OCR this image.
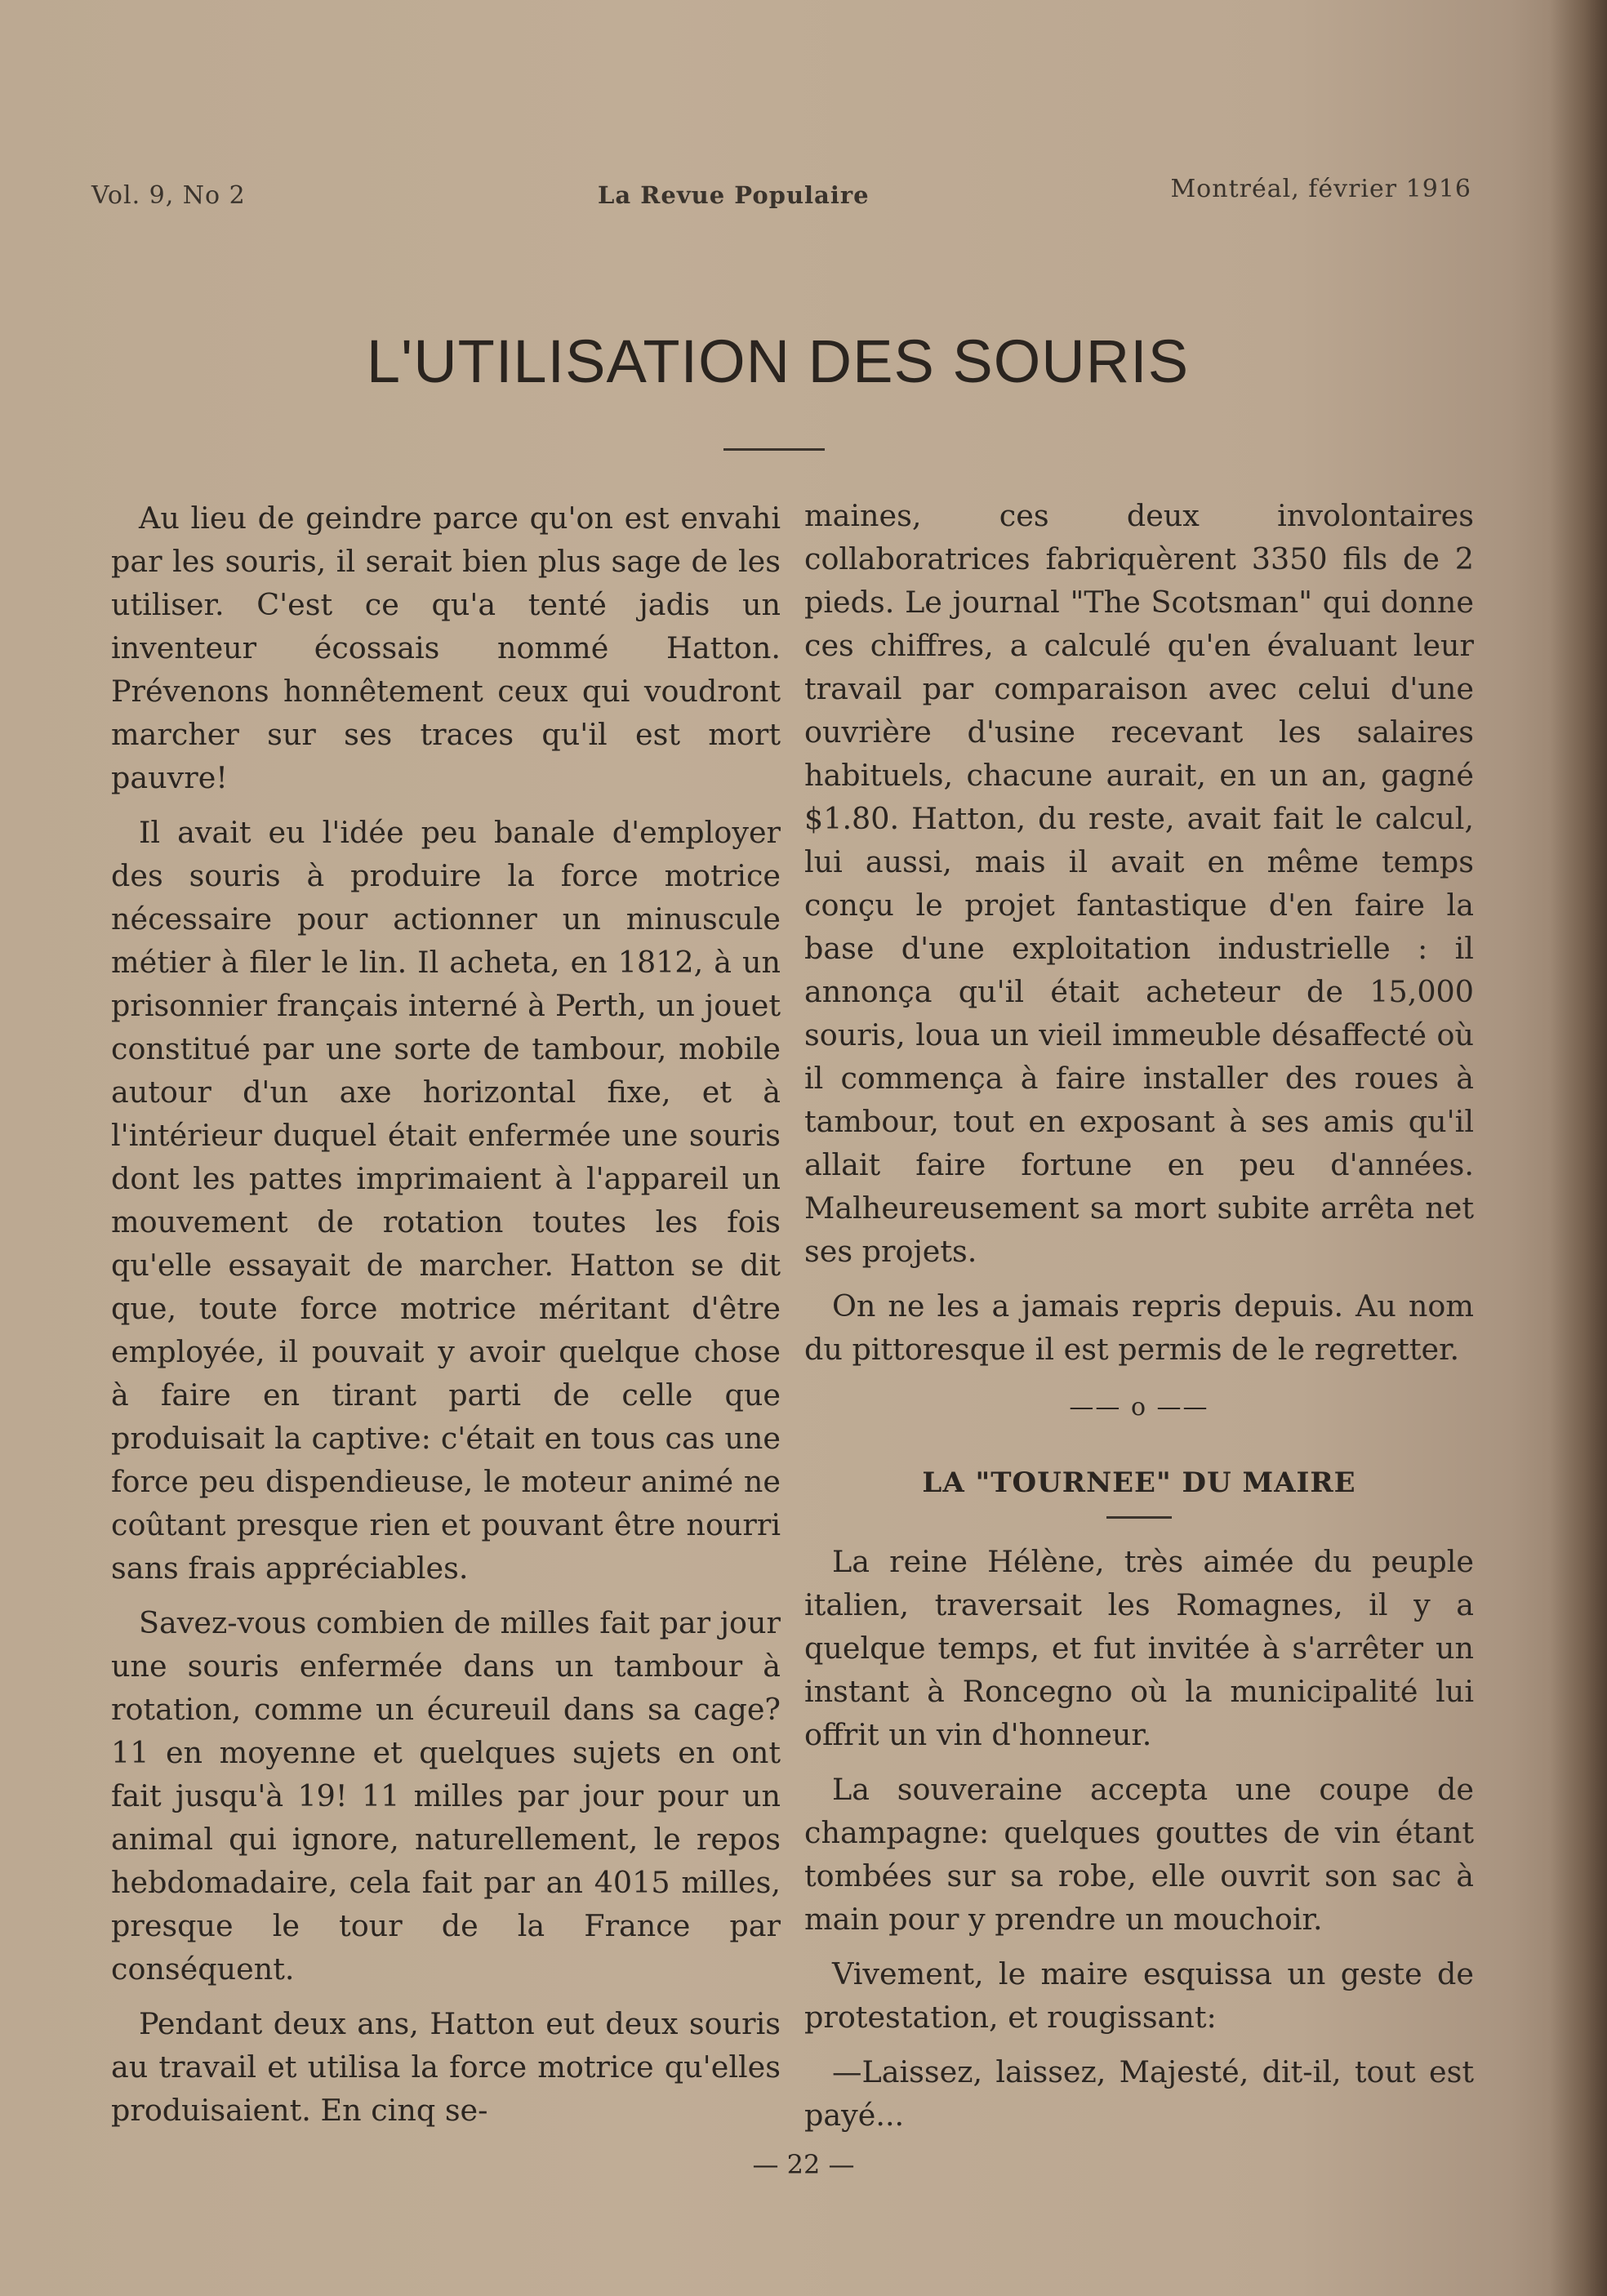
Vol. 9, No 2	La Revue Populaire	Montréal, février 1916
L'UTILISATION DES SOURIS

Au lieu de geindre parce qu'on est envahi par les souris, il serait bien plus sage de les utiliser. C'est ce qu'a tenté jadis un inventeur écossais nommé Hatton. Prévenons honnêtement ceux qui voudront marcher sur ses traces qu'il est mort pauvre!

Il avait eu l'idée peu banale d'employer des souris à produire la force motrice nécessaire pour actionner un minuscule métier à filer le lin. Il acheta, en 1812, à un prisonnier français interné à Perth, un jouet constitué par une sorte de tambour, mobile autour d'un axe horizontal fixe, et à l'intérieur duquel était enfermée une souris dont les pattes imprimaient à l'appareil un mouvement de rotation toutes les fois qu'elle essayait de marcher. Hatton se dit que, toute force motrice méritant d'être employée, il pouvait y avoir quelque chose à faire en tirant parti de celle que produisait la captive: c'était en tous cas une force peu dispendieuse, le moteur animé ne coûtant presque rien et pouvant être nourri sans frais appréciables.

Savez-vous combien de milles fait par jour une souris enfermée dans un tambour à rotation, comme un écureuil dans sa cage? 11 en moyenne et quelques sujets en ont fait jusqu'à 19! 11 milles par jour pour un animal qui ignore, naturellement, le repos hebdomadaire, cela fait par an 4015 milles, presque le tour de la France par conséquent.

Pendant deux ans, Hatton eut deux souris au travail et utilisa la force motrice qu'elles produisaient. En cinq se-

maines, ces deux involontaires collaboratrices fabriquèrent 3350 fils de 2 pieds. Le journal "The Scotsman" qui donne ces chiffres, a calculé qu'en évaluant leur travail par comparaison avec celui d'une ouvrière d'usine recevant les salaires habituels, chacune aurait, en un an, gagné $1.80. Hatton, du reste, avait fait le calcul, lui aussi, mais il avait en même temps conçu le projet fantastique d'en faire la base d'une exploitation industrielle : il annonça qu'il était acheteur de 15,000 souris, loua un vieil immeuble désaffecté où il commença à faire installer des roues à tambour, tout en exposant à ses amis qu'il allait faire fortune en peu d'années. Malheureusement sa mort subite arrêta net ses projets.

On ne les a jamais repris depuis. Au nom du pittoresque il est permis de le regretter.

—— o ——
LA "TOURNEE" DU MAIRE

La reine Hélène, très aimée du peuple italien, traversait les Romagnes, il y a quelque temps, et fut invitée à s'arrêter un instant à Roncegno où la municipalité lui offrit un vin d'honneur.

La souveraine accepta une coupe de champagne: quelques gouttes de vin étant tombées sur sa robe, elle ouvrit son sac à main pour y prendre un mouchoir.

Vivement, le maire esquissa un geste de protestation, et rougissant:

—Laissez, laissez, Majesté, dit-il, tout est payé...

— 22 —
